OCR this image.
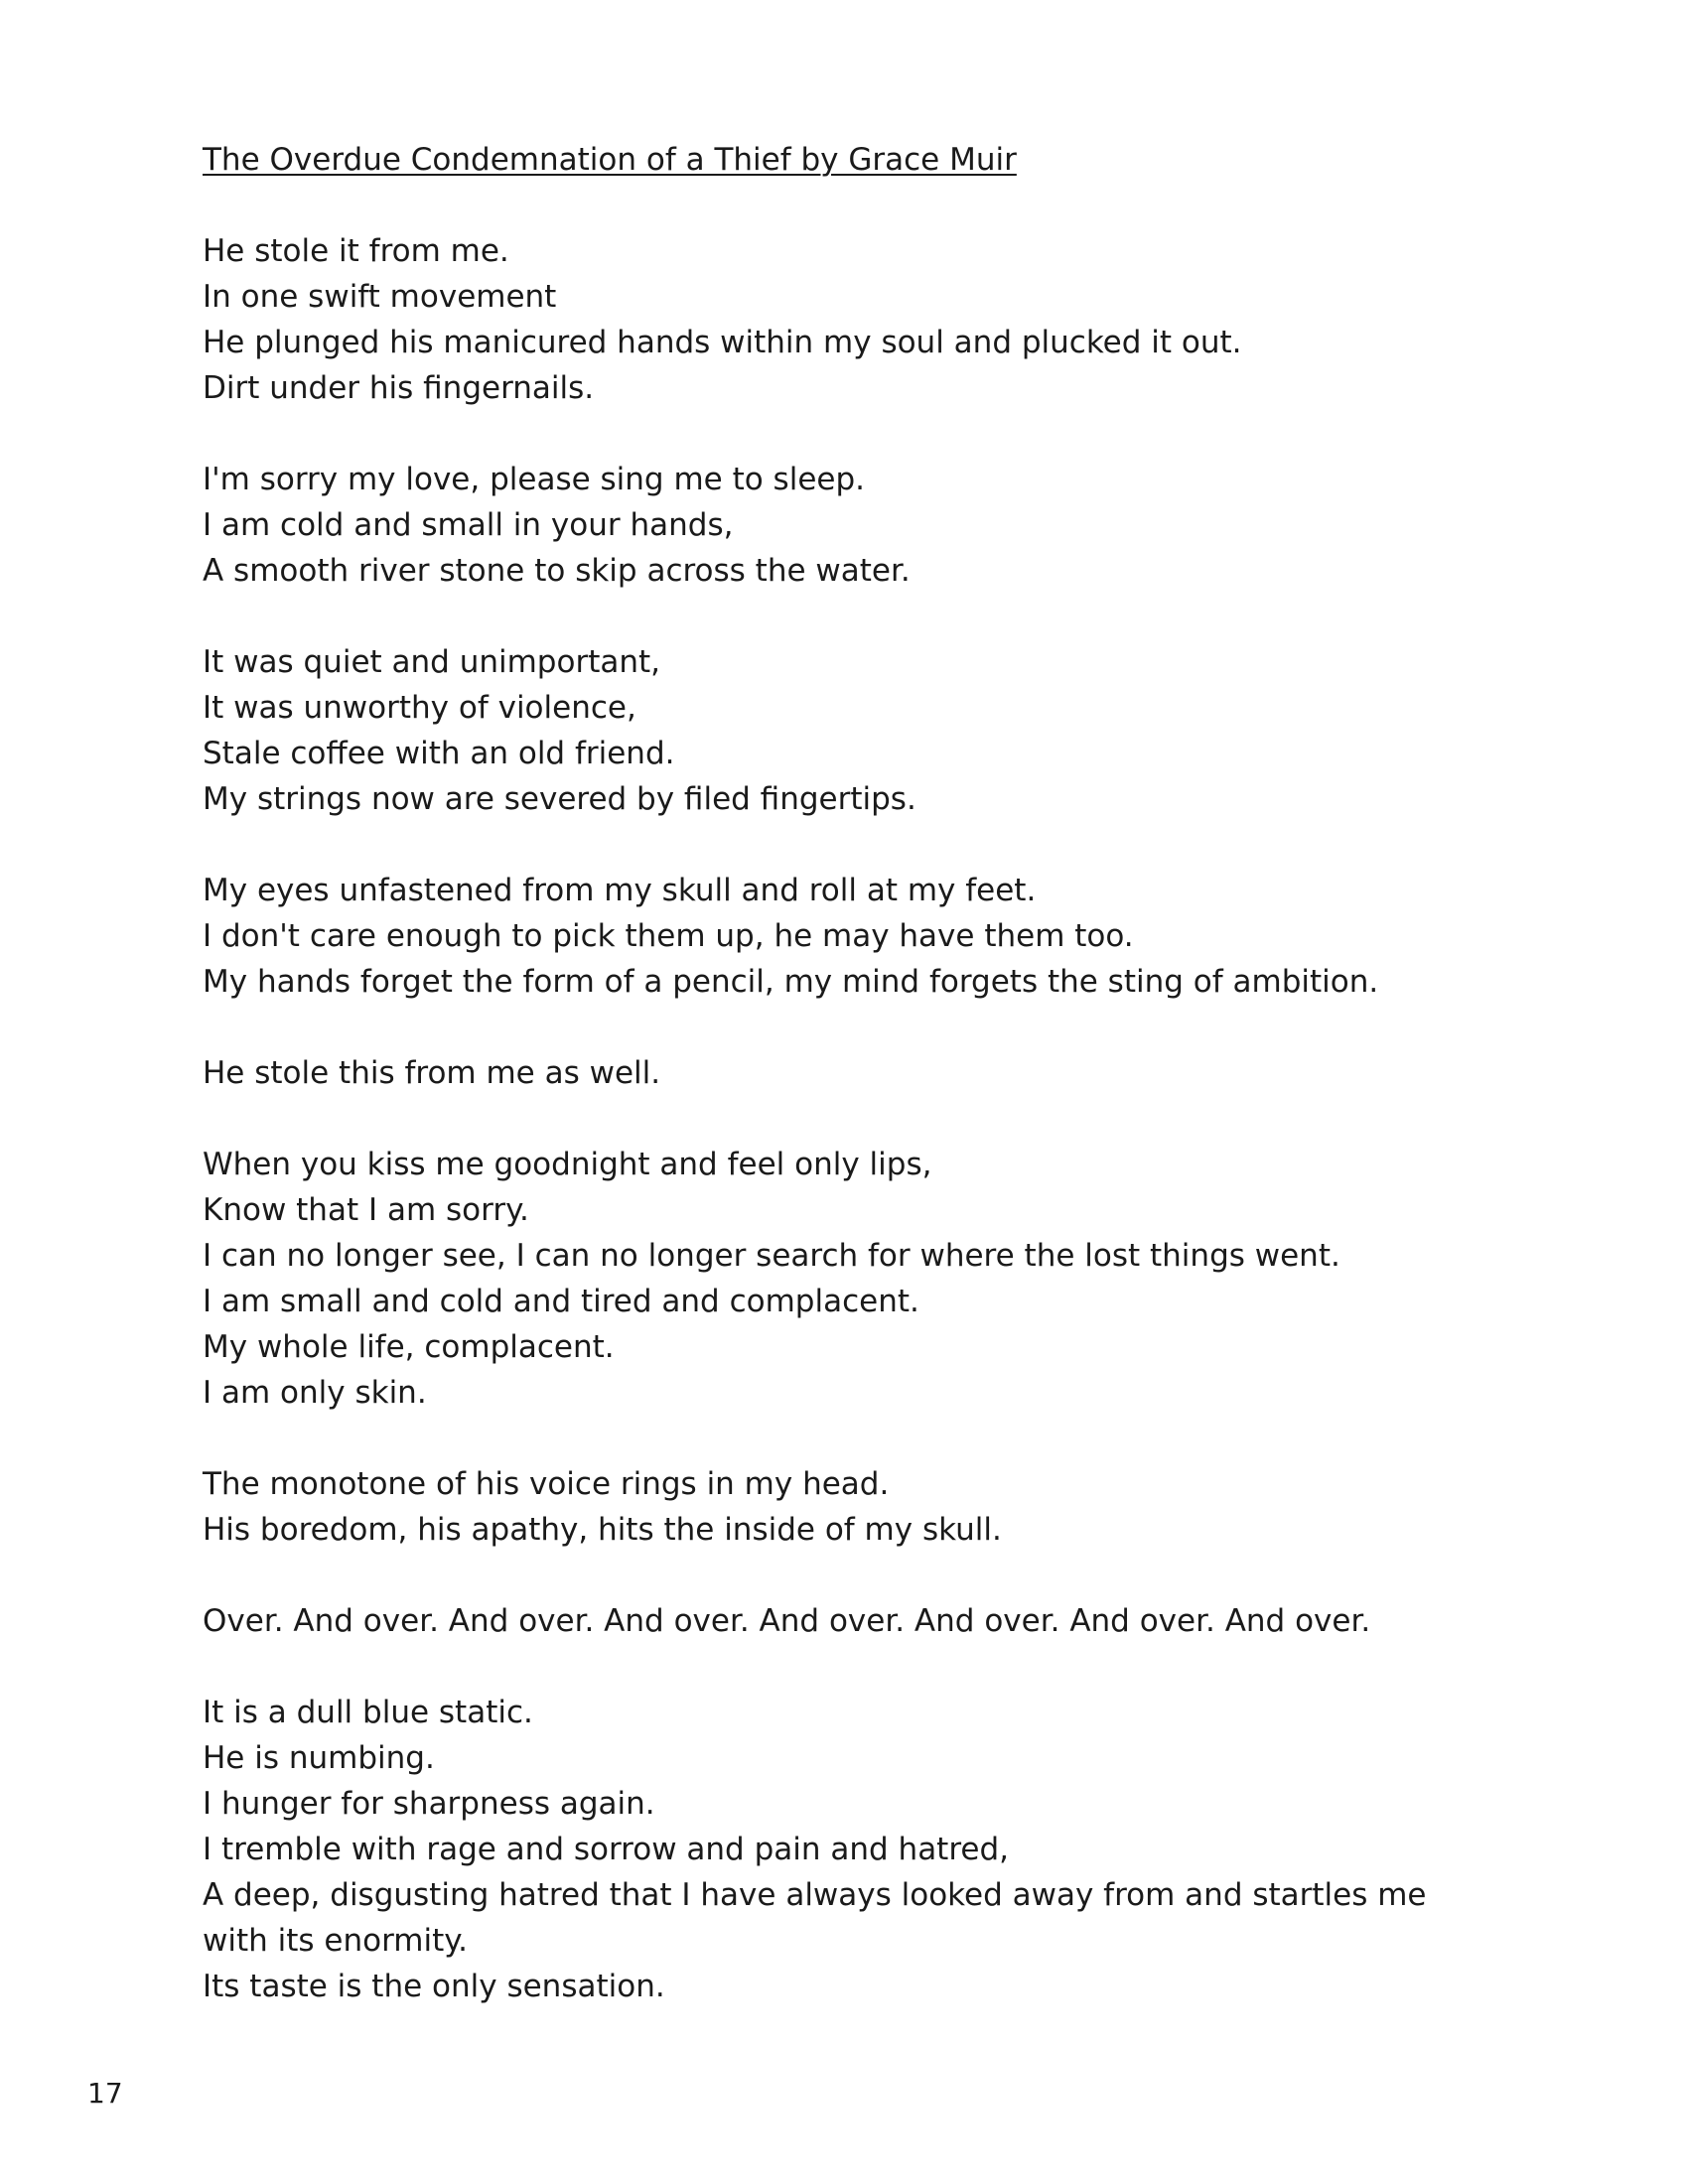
The Overdue Condemnation of a Thief by Grace Muir
He stole it from me.
In one swift movement
He plunged his manicured hands within my soul and plucked it out.
Dirt under his fingernails.
I'm sorry my love, please sing me to sleep.
I am cold and small in your hands,
A smooth river stone to skip across the water.
It was quiet and unimportant,
It was unworthy of violence,
Stale coffee with an old friend.
My strings now are severed by filed fingertips.
My eyes unfastened from my skull and roll at my feet.
I don't care enough to pick them up, he may have them too.
My hands forget the form of a pencil, my mind forgets the sting of ambition.
He stole this from me as well.
When you kiss me goodnight and feel only lips,
Know that I am sorry.
I can no longer see, I can no longer search for where the lost things went.
I am small and cold and tired and complacent.
My whole life, complacent.
I am only skin.
The monotone of his voice rings in my head.
His boredom, his apathy, hits the inside of my skull.
Over. And over. And over. And over. And over. And over. And over. And over.
It is a dull blue static.
He is numbing.
I hunger for sharpness again.
I tremble with rage and sorrow and pain and hatred,
A deep, disgusting hatred that I have always looked away from and startles me with its enormity.
Its taste is the only sensation.
17
